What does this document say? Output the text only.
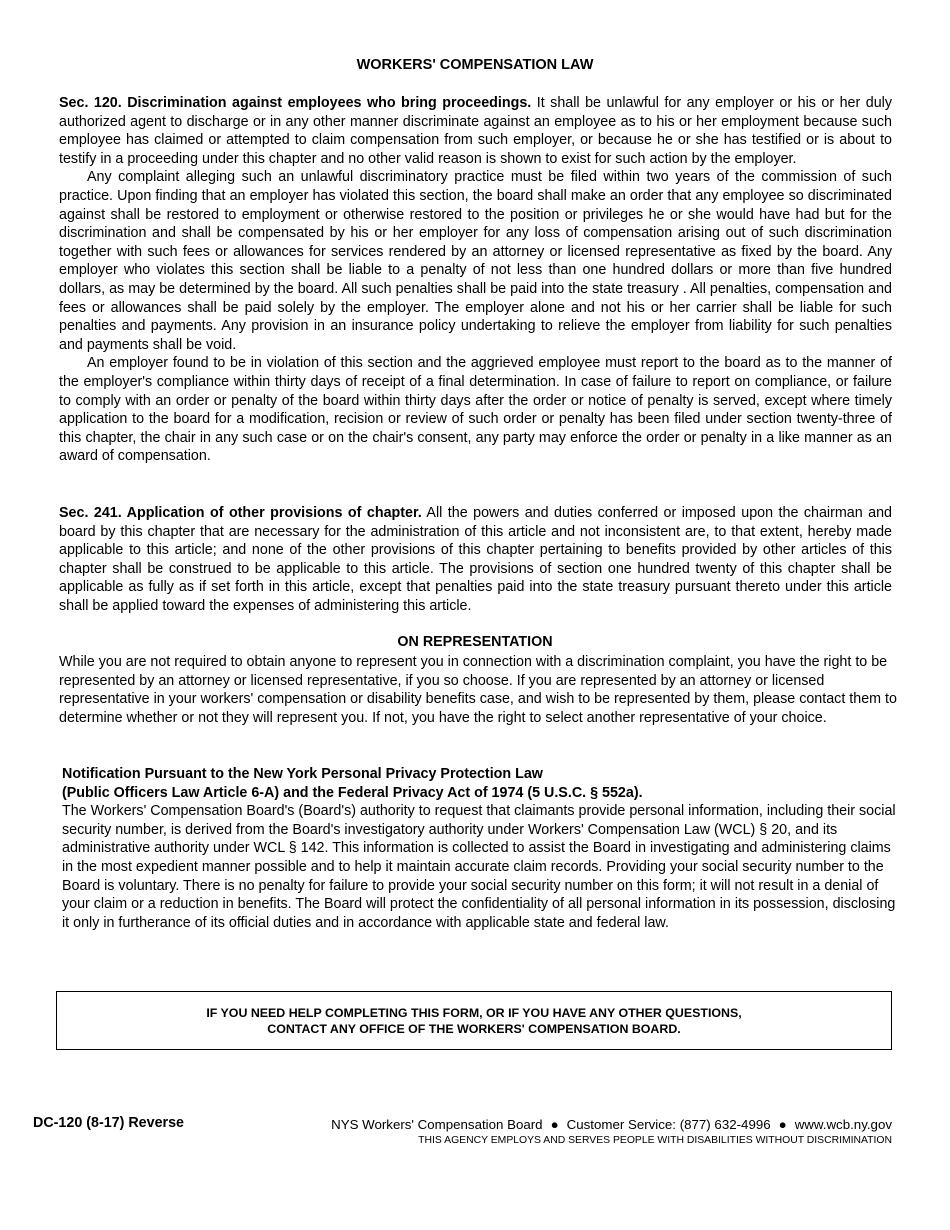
WORKERS' COMPENSATION LAW

Sec. 120. Discrimination against employees who bring proceedings. It shall be unlawful for any employer or his or her duly authorized agent to discharge or in any other manner discriminate against an employee as to his or her employment because such employee has claimed or attempted to claim compensation from such employer, or because he or she has testified or is about to testify in a proceeding under this chapter and no other valid reason is shown to exist for such action by the employer.

Any complaint alleging such an unlawful discriminatory practice must be filed within two years of the commission of such practice. Upon finding that an employer has violated this section, the board shall make an order that any employee so discriminated against shall be restored to employment or otherwise restored to the position or privileges he or she would have had but for the discrimination and shall be compensated by his or her employer for any loss of compensation arising out of such discrimination together with such fees or allowances for services rendered by an attorney or licensed representative as fixed by the board. Any employer who violates this section shall be liable to a penalty of not less than one hundred dollars or more than five hundred dollars, as may be determined by the board. All such penalties shall be paid into the state treasury . All penalties, compensation and fees or allowances shall be paid solely by the employer. The employer alone and not his or her carrier shall be liable for such penalties and payments. Any provision in an insurance policy undertaking to relieve the employer from liability for such penalties and payments shall be void.

An employer found to be in violation of this section and the aggrieved employee must report to the board as to the manner of the employer's compliance within thirty days of receipt of a final determination. In case of failure to report on compliance, or failure to comply with an order or penalty of the board within thirty days after the order or notice of penalty is served, except where timely application to the board for a modification, recision or review of such order or penalty has been filed under section twenty-three of this chapter, the chair in any such case or on the chair's consent, any party may enforce the order or penalty in a like manner as an award of compensation.

Sec. 241. Application of other provisions of chapter. All the powers and duties conferred or imposed upon the chairman and board by this chapter that are necessary for the administration of this article and not inconsistent are, to that extent, hereby made applicable to this article; and none of the other provisions of this chapter pertaining to benefits provided by other articles of this chapter shall be construed to be applicable to this article. The provisions of section one hundred twenty of this chapter shall be applicable as fully as if set forth in this article, except that penalties paid into the state treasury pursuant thereto under this article shall be applied toward the expenses of administering this article.

ON REPRESENTATION
While you are not required to obtain anyone to represent you in connection with a discrimination complaint, you have the right to be represented by an attorney or licensed representative, if you so choose. If you are represented by an attorney or licensed representative in your workers' compensation or disability benefits case, and wish to be represented by them, please contact them to determine whether or not they will represent you. If not, you have the right to select another representative of your choice.

Notification Pursuant to the New York Personal Privacy Protection Law

(Public Officers Law Article 6-A) and the Federal Privacy Act of 1974 (5 U.S.C. § 552a).

The Workers' Compensation Board's (Board's) authority to request that claimants provide personal information, including their social security number, is derived from the Board's investigatory authority under Workers' Compensation Law (WCL) § 20, and its administrative authority under WCL § 142. This information is collected to assist the Board in investigating and administering claims in the most expedient manner possible and to help it maintain accurate claim records. Providing your social security number to the Board is voluntary. There is no penalty for failure to provide your social security number on this form; it will not result in a denial of your claim or a reduction in benefits. The Board will protect the confidentiality of all personal information in its possession, disclosing it only in furtherance of its official duties and in accordance with applicable state and federal law.

IF YOU NEED HELP COMPLETING THIS FORM, OR IF YOU HAVE ANY OTHER QUESTIONS,
CONTACT ANY OFFICE OF THE WORKERS' COMPENSATION BOARD.
DC-120 (8-17) Reverse	NYS Workers' Compensation Board ● Customer Service: (877) 632-4996 ● www.wcb.ny.gov
THIS AGENCY EMPLOYS AND SERVES PEOPLE WITH DISABILITIES WITHOUT DISCRIMINATION
